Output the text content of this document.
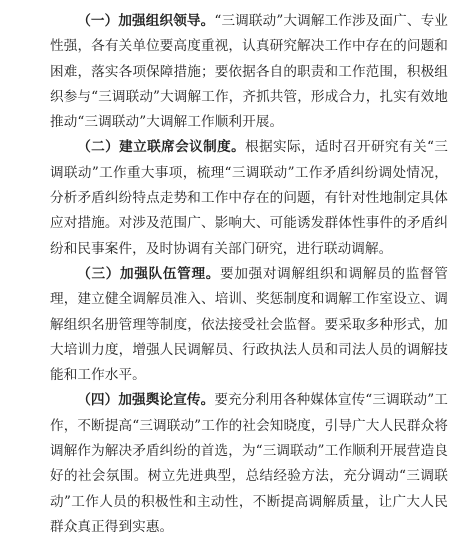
（一）加强组织领导。“三调联动”大调解工作涉及面广、专业性强，各有关单位要高度重视，认真研究解决工作中存在的问题和困难，落实各项保障措施；要依据各自的职责和工作范围，积极组织参与“三调联动”大调解工作，齐抓共管，形成合力，扎实有效地推动“三调联动”大调解工作顺利开展。

（二）建立联席会议制度。根据实际，适时召开研究有关“三调联动”工作重大事项，梳理“三调联动”工作矛盾纠纷调处情况，分析矛盾纠纷特点走势和工作中存在的问题，有针对性地制定具体应对措施。对涉及范围广、影响大、可能诱发群体性事件的矛盾纠纷和民事案件，及时协调有关部门研究，进行联动调解。

（三）加强队伍管理。要加强对调解组织和调解员的监督管理，建立健全调解员准入、培训、奖惩制度和调解工作室设立、调解组织名册管理等制度，依法接受社会监督。要采取多种形式，加大培训力度，增强人民调解员、行政执法人员和司法人员的调解技能和工作水平。

（四）加强舆论宣传。要充分利用各种媒体宣传“三调联动”工作，不断提高“三调联动”工作的社会知晓度，引导广大人民群众将调解作为解决矛盾纠纷的首选，为“三调联动”工作顺利开展营造良好的社会氛围。树立先进典型，总结经验方法，充分调动“三调联动”工作人员的积极性和主动性，不断提高调解质量，让广大人民群众真正得到实惠。
